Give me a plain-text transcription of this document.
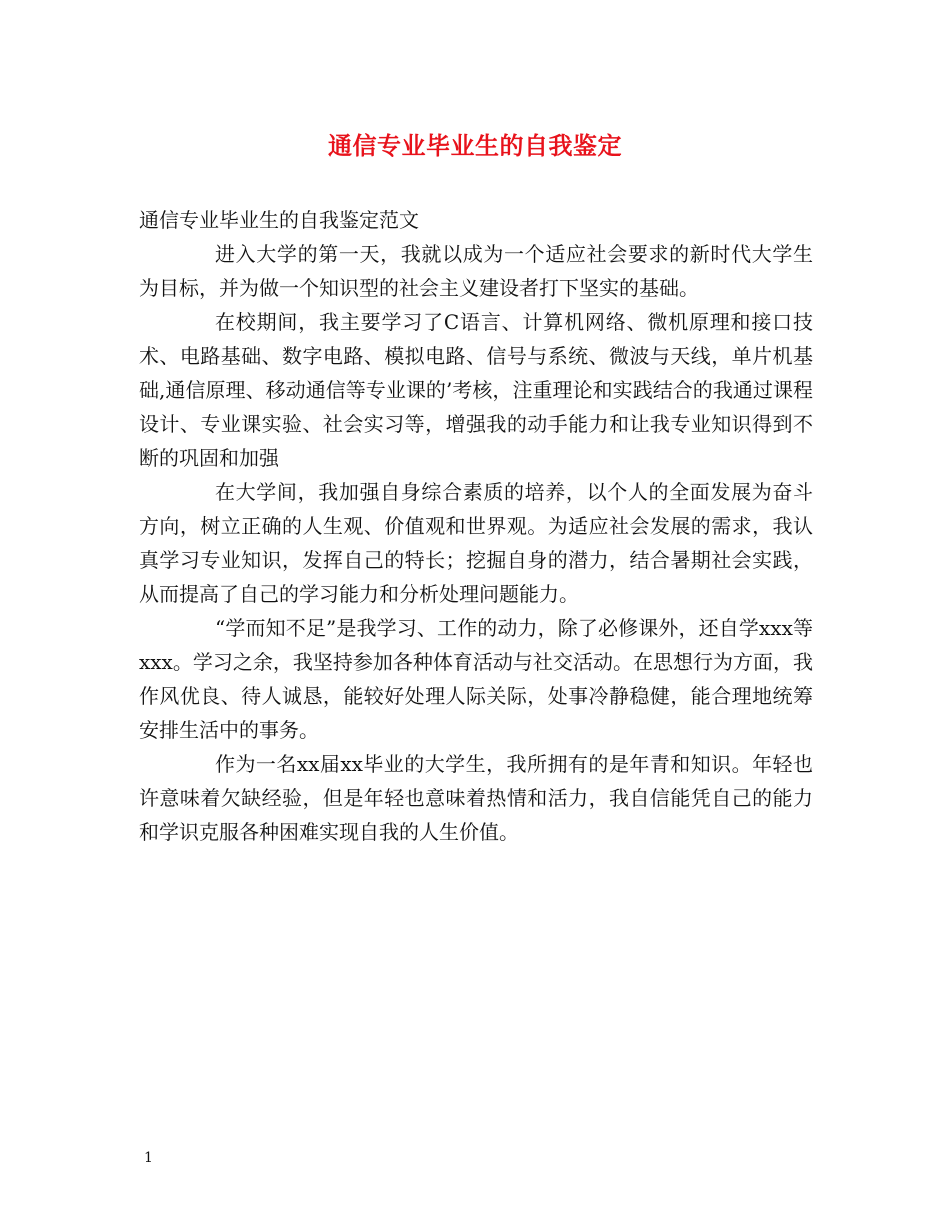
通信专业毕业生的自我鉴定

通信专业毕业生的自我鉴定范文

进入大学的第一天，我就以成为一个适应社会要求的新时代大学生为目标，并为做一个知识型的社会主义建设者打下坚实的基础。

在校期间，我主要学习了C语言、计算机网络、微机原理和接口技术、电路基础、数字电路、模拟电路、信号与系统、微波与天线，单片机基础,通信原理、移动通信等专业课的’考核，注重理论和实践结合的我通过课程设计、专业课实验、社会实习等，增强我的动手能力和让我专业知识得到不断的巩固和加强

在大学间，我加强自身综合素质的培养，以个人的全面发展为奋斗方向，树立正确的人生观、价值观和世界观。为适应社会发展的需求，我认真学习专业知识，发挥自己的特长；挖掘自身的潜力，结合暑期社会实践，从而提高了自己的学习能力和分析处理问题能力。

“学而知不足”是我学习、工作的动力，除了必修课外，还自学xxx等xxx。学习之余，我坚持参加各种体育活动与社交活动。在思想行为方面，我作风优良、待人诚恳，能较好处理人际关际，处事冷静稳健，能合理地统筹安排生活中的事务。

作为一名xx届xx毕业的大学生，我所拥有的是年青和知识。年轻也许意味着欠缺经验，但是年轻也意味着热情和活力，我自信能凭自己的能力和学识克服各种困难实现自我的人生价值。

1
